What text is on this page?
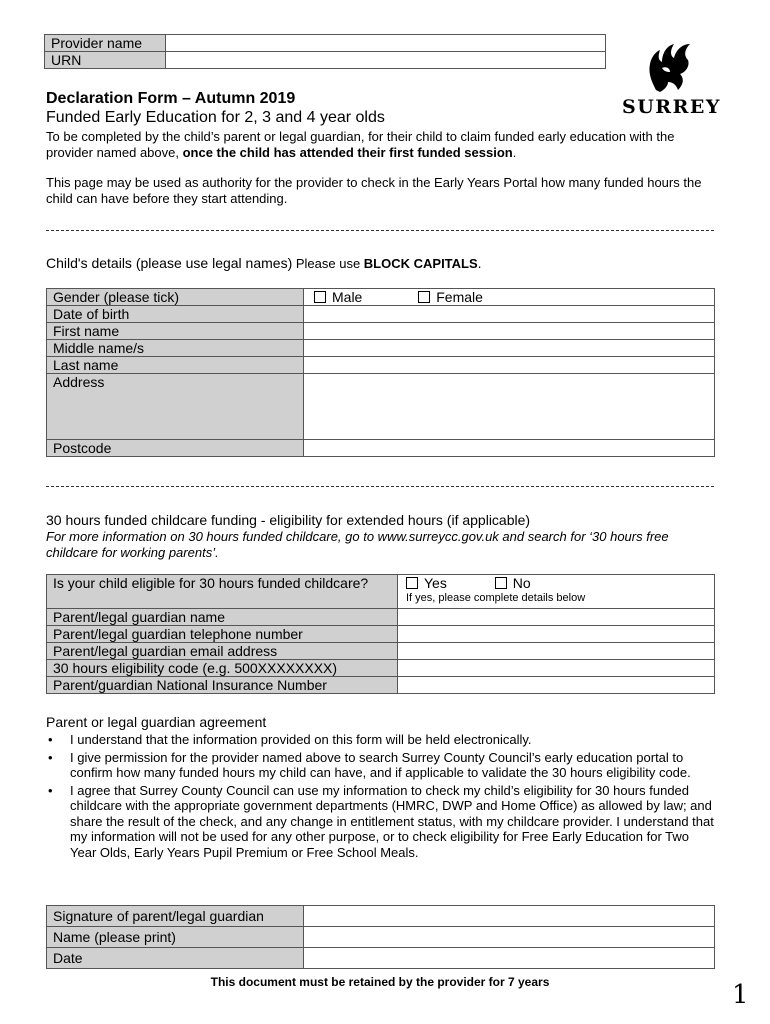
Provider name	
URN	
SURREY
Declaration Form – Autumn 2019
Funded Early Education for 2, 3 and 4 year olds
To be completed by the child’s parent or legal guardian, for their child to claim funded early education with the provider named above, once the child has attended their first funded session.
This page may be used as authority for the provider to check in the Early Years Portal how many funded hours the child can have before they start attending.
Child's details (please use legal names) Please use BLOCK CAPITALS.
Gender (please tick)	Male Female
Date of birth	
First name	
Middle name/s	
Last name	
Address	
Postcode	
30 hours funded childcare funding - eligibility for extended hours (if applicable)
For more information on 30 hours funded childcare, go to www.surreycc.gov.uk and search for ‘30 hours free childcare for working parents’.
Is your child eligible for 30 hours funded childcare?	Yes No
If yes, please complete details below

Parent/legal guardian name	
Parent/legal guardian telephone number	
Parent/legal guardian email address	
30 hours eligibility code (e.g. 500XXXXXXXX)	
Parent/guardian National Insurance Number	
Parent or legal guardian agreement
• I understand that the information provided on this form will be held electronically.
• I give permission for the provider named above to search Surrey County Council’s early education portal to confirm how many funded hours my child can have, and if applicable to validate the 30 hours eligibility code.
• I agree that Surrey County Council can use my information to check my child’s eligibility for 30 hours funded childcare with the appropriate government departments (HMRC, DWP and Home Office) as allowed by law; and share the result of the check, and any change in entitlement status, with my childcare provider. I understand that my information will not be used for any other purpose, or to check eligibility for Free Early Education for Two Year Olds, Early Years Pupil Premium or Free School Meals.
Signature of parent/legal guardian	
Name (please print)	
Date	
This document must be retained by the provider for 7 years	1
